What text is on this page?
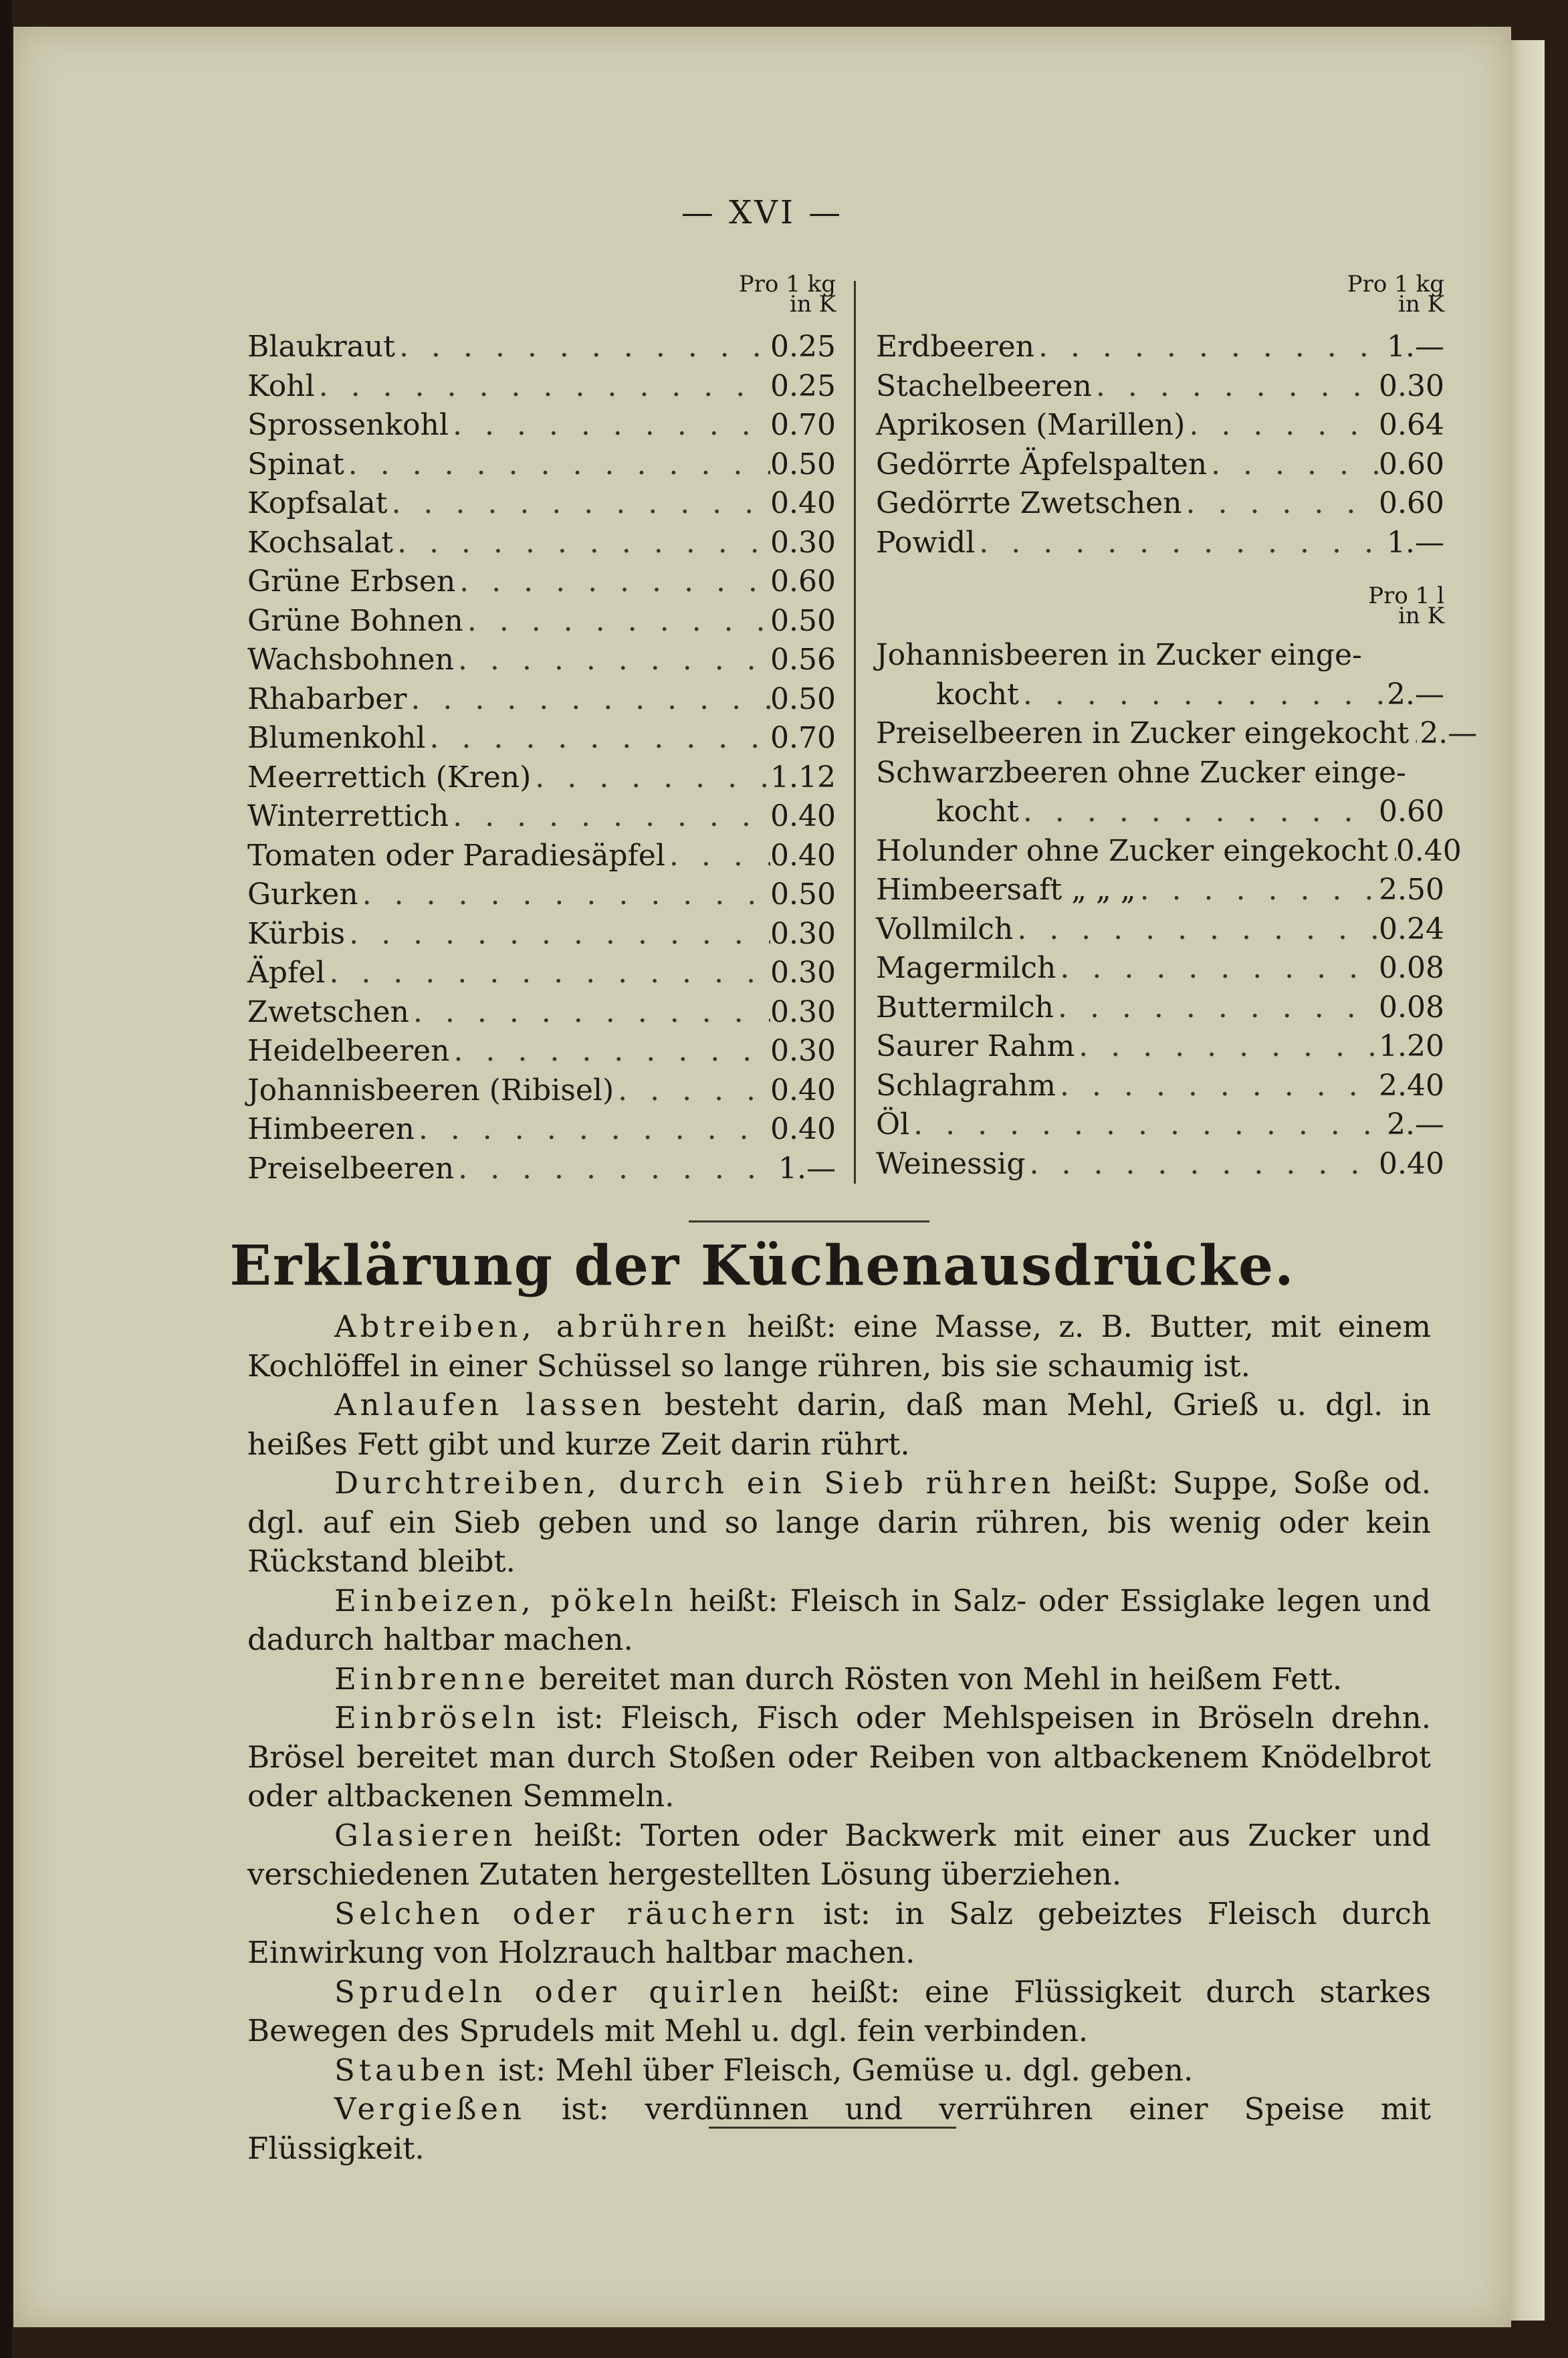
— XVI —
Pro 1 kg
in K
Blaukraut . . .	0.25
Kohl . . .	0.25
Sprossenkohl . . .	0.70
Spinat . . .	0.50
Kopfsalat . . .	0.40
Kochsalat . . .	0.30
Grüne Erbsen . . .	0.60
Grüne Bohnen . . .	0.50
Wachsbohnen . . .	0.56
Rhabarber . . .	0.50
Blumenkohl . . .	0.70
Meerrettich (Kren) . . .	1.12
Winterrettich . . .	0.40
Tomaten oder Paradiesäpfel . . .	0.40
Gurken . . .	0.50
Kürbis . . .	0.30
Äpfel . . .	0.30
Zwetschen . . .	0.30
Heidelbeeren . . .	0.30
Johannisbeeren (Ribisel) . . .	0.40
Himbeeren . . .	0.40
Preiselbeeren . . .	1.—
Pro 1 kg
in K
Erdbeeren . . .	1.—
Stachelbeeren . . .	0.30
Aprikosen (Marillen) . . .	0.64
Gedörrte Äpfelspalten . . .	0.60
Gedörrte Zwetschen . . .	0.60
Powidl . . .	1.—
Pro 1 l
in K
Johannisbeeren in Zucker einge-
kocht . . .	2.—
Preiselbeeren in Zucker eingekocht . . . 2.—
Schwarzbeeren ohne Zucker einge-
kocht . . .	0.60
Holunder ohne Zucker eingekocht . . . 0.40
Himbeersaft „ „ „ . . .	2.50
Vollmilch . . .	0.24
Magermilch . . .	0.08
Buttermilch . . .	0.08
Saurer Rahm . . .	1.20
Schlagrahm . . .	2.40
Öl . . .	2.—
Weinessig . . .	0.40
Erklärung der Küchenausdrücke.

Abtreiben, abrühren heißt: eine Masse, z. B. Butter, mit einem Kochlöffel in einer Schüssel so lange rühren, bis sie schaumig ist.

Anlaufen lassen besteht darin, daß man Mehl, Grieß u. dgl. in heißes Fett gibt und kurze Zeit darin rührt.

Durchtreiben, durch ein Sieb rühren heißt: Suppe, Soße od. dgl. auf ein Sieb geben und so lange darin rühren, bis wenig oder kein Rückstand bleibt.

Einbeizen, pökeln heißt: Fleisch in Salz- oder Essiglake legen und dadurch haltbar machen.

Einbrenne bereitet man durch Rösten von Mehl in heißem Fett.

Einbröseln ist: Fleisch, Fisch oder Mehlspeisen in Bröseln drehn. Brösel bereitet man durch Stoßen oder Reiben von altbackenem Knödelbrot oder altbackenen Semmeln.

Glasieren heißt: Torten oder Backwerk mit einer aus Zucker und verschiedenen Zutaten hergestellten Lösung überziehen.

Selchen oder räuchern ist: in Salz gebeiztes Fleisch durch Einwirkung von Holzrauch haltbar machen.

Sprudeln oder quirlen heißt: eine Flüssigkeit durch starkes Bewegen des Sprudels mit Mehl u. dgl. fein verbinden.

Stauben ist: Mehl über Fleisch, Gemüse u. dgl. geben.

Vergießen ist: verdünnen und verrühren einer Speise mit Flüssigkeit.
